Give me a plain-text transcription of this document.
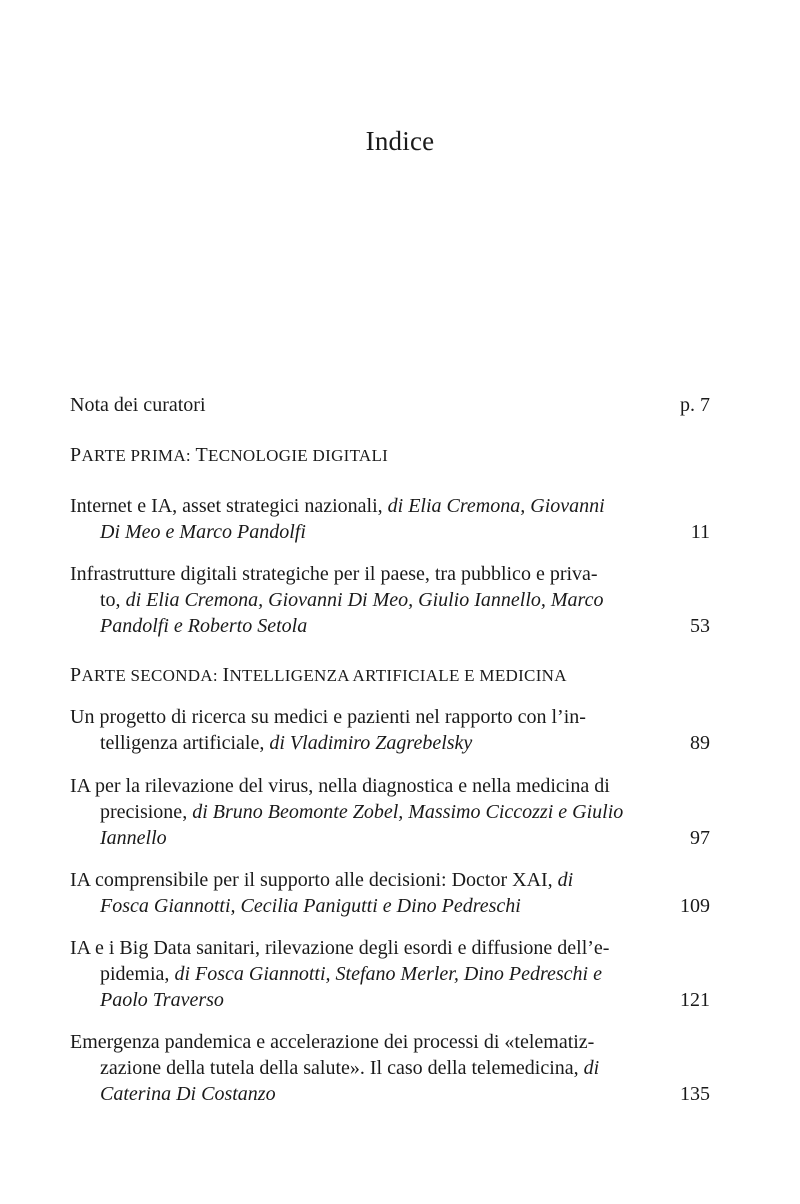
Indice
Nota dei curatori	p. 7
PARTE PRIMA: TECNOLOGIE DIGITALI
Internet e IA, asset strategici nazionali, di Elia Cremona, Giovanni
Di Meo e Marco Pandolfi	11
Infrastrutture digitali strategiche per il paese, tra pubblico e priva-
to, di Elia Cremona, Giovanni Di Meo, Giulio Iannello, Marco
Pandolfi e Roberto Setola	53
PARTE SECONDA: INTELLIGENZA ARTIFICIALE E MEDICINA
Un progetto di ricerca su medici e pazienti nel rapporto con l’in-
telligenza artificiale, di Vladimiro Zagrebelsky	89
IA per la rilevazione del virus, nella diagnostica e nella medicina di
precisione, di Bruno Beomonte Zobel, Massimo Ciccozzi e Giulio
Iannello	97
IA comprensibile per il supporto alle decisioni: Doctor XAI, di
Fosca Giannotti, Cecilia Panigutti e Dino Pedreschi	109
IA e i Big Data sanitari, rilevazione degli esordi e diffusione dell’e-
pidemia, di Fosca Giannotti, Stefano Merler, Dino Pedreschi e
Paolo Traverso	121
Emergenza pandemica e accelerazione dei processi di «telematiz-
zazione della tutela della salute». Il caso della telemedicina, di
Caterina Di Costanzo	135
